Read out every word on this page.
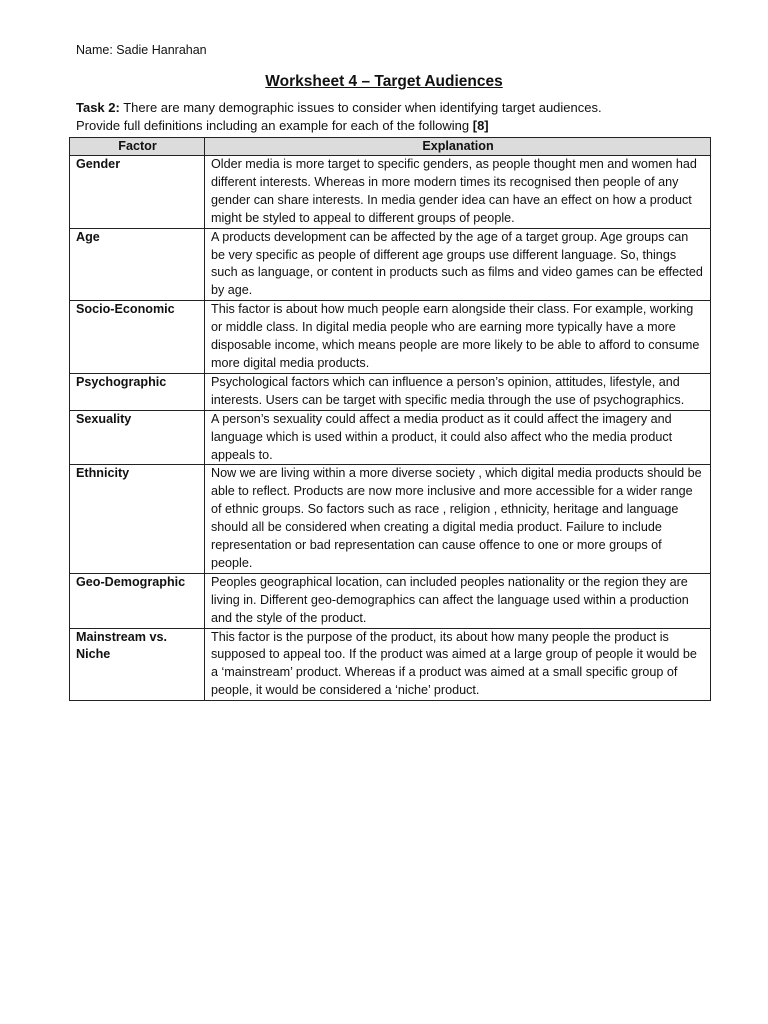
Name: Sadie Hanrahan
Worksheet 4 – Target Audiences
Task 2: There are many demographic issues to consider when identifying target audiences.
Provide full definitions including an example for each of the following [8]
Factor	Explanation
Gender	Older media is more target to specific genders, as people thought men and women had different interests. Whereas in more modern times its recognised then people of any gender can share interests. In media gender idea can have an effect on how a product might be styled to appeal to different groups of people.
Age	A products development can be affected by the age of a target group. Age groups can be very specific as people of different age groups use different language. So, things such as language, or content in products such as films and video games can be effected by age.
Socio-Economic	This factor is about how much people earn alongside their class. For example, working or middle class. In digital media people who are earning more typically have a more disposable income, which means people are more likely to be able to afford to consume more digital media products.
Psychographic	Psychological factors which can influence a person’s opinion, attitudes, lifestyle, and interests. Users can be target with specific media through the use of psychographics.
Sexuality	A person’s sexuality could affect a media product as it could affect the imagery and language which is used within a product, it could also affect who the media product appeals to.
Ethnicity	Now we are living within a more diverse society , which digital media products should be able to reflect. Products are now more inclusive and more accessible for a wider range of ethnic groups. So factors such as race , religion , ethnicity, heritage and language should all be considered when creating a digital media product. Failure to include representation or bad representation can cause offence to one or more groups of people.
Geo-Demographic	Peoples geographical location, can included peoples nationality or the region they are living in. Different geo-demographics can affect the language used within a production and the style of the product.
Mainstream vs. Niche	This factor is the purpose of the product, its about how many people the product is supposed to appeal too. If the product was aimed at a large group of people it would be a ‘mainstream’ product. Whereas if a product was aimed at a small specific group of people, it would be considered a ‘niche’ product.
